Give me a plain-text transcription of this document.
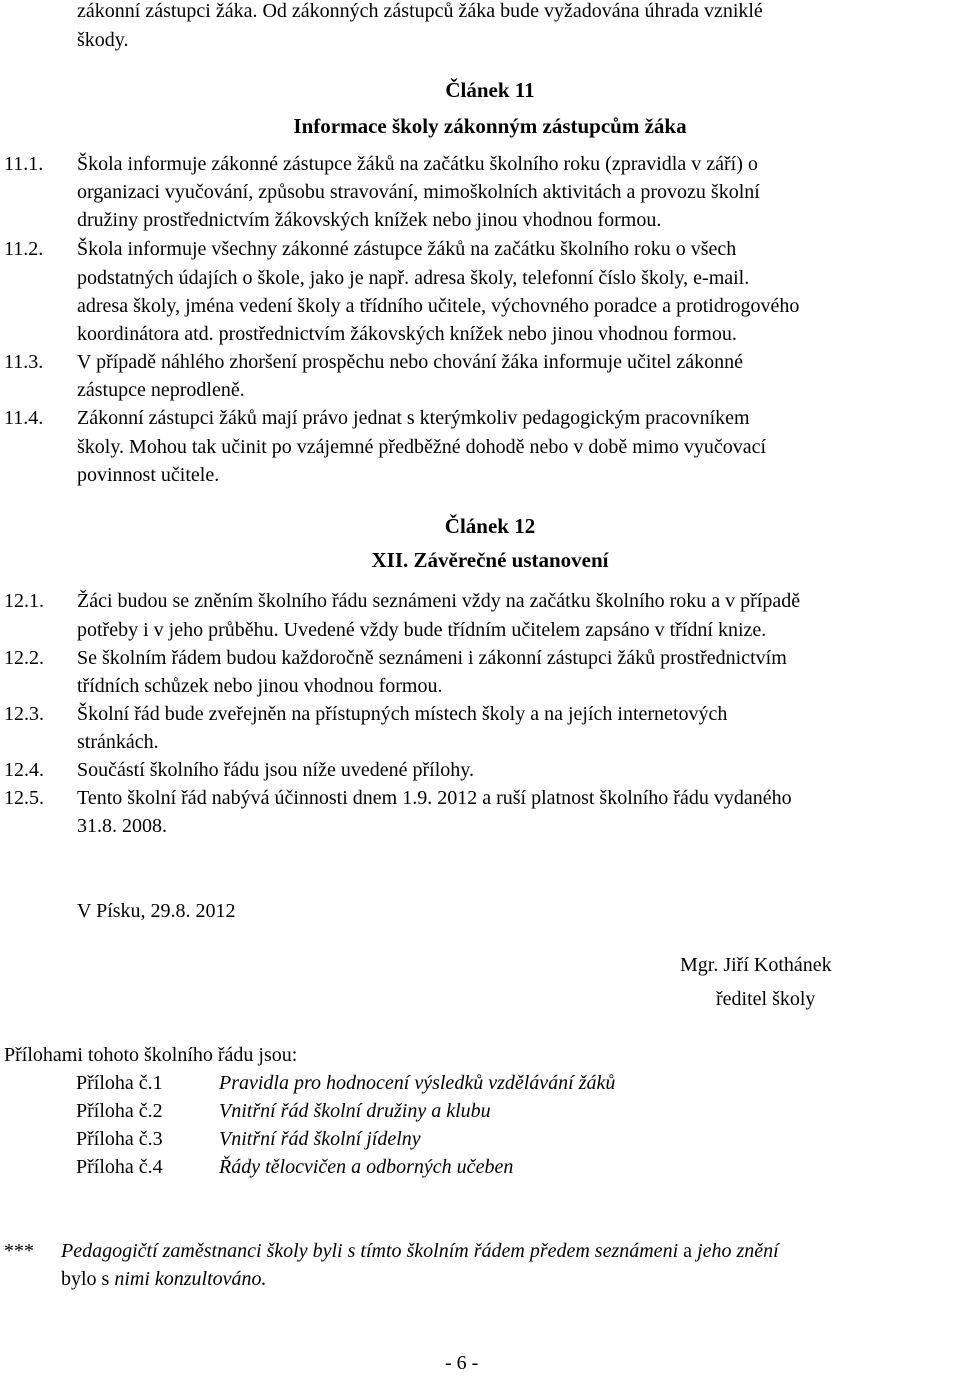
zákonní zástupci žáka. Od zákonných zástupců žáka bude vyžadována úhrada vzniklé
škody.
Článek 11
Informace školy zákonným zástupcům žáka
11.1. Škola informuje zákonné zástupce žáků na začátku školního roku (zpravidla v září) o
organizaci vyučování, způsobu stravování, mimoškolních aktivitách a provozu školní
družiny prostřednictvím žákovských knížek nebo jinou vhodnou formou.
11.2. Škola informuje všechny zákonné zástupce žáků na začátku školního roku o všech
podstatných údajích o škole, jako je např. adresa školy, telefonní číslo školy, e-mail.
adresa školy, jména vedení školy a třídního učitele, výchovného poradce a protidrogového
koordinátora atd. prostřednictvím žákovských knížek nebo jinou vhodnou formou.
11.3. V případě náhlého zhoršení prospěchu nebo chování žáka informuje učitel zákonné
zástupce neprodleně.
11.4. Zákonní zástupci žáků mají právo jednat s kterýmkoliv pedagogickým pracovníkem
školy. Mohou tak učinit po vzájemné předběžné dohodě nebo v době mimo vyučovací
povinnost učitele.
Článek 12
XII. Závěrečné ustanovení
12.1. Žáci budou se zněním školního řádu seznámeni vždy na začátku školního roku a v případě
potřeby i v jeho průběhu. Uvedené vždy bude třídním učitelem zapsáno v třídní knize.
12.2. Se školním řádem budou každoročně seznámeni i zákonní zástupci žáků prostřednictvím
třídních schůzek nebo jinou vhodnou formou.
12.3. Školní řád bude zveřejněn na přístupných místech školy a na jejích internetových
stránkách.
12.4. Součástí školního řádu jsou níže uvedené přílohy.
12.5. Tento školní řád nabývá účinnosti dnem 1.9. 2012 a ruší platnost školního řádu vydaného
31.8. 2008.
V Písku, 29.8. 2012
Mgr. Jiří Kothánek
ředitel školy
Přílohami tohoto školního řádu jsou:
Příloha č.1	Pravidla pro hodnocení výsledků vzdělávání žáků
Příloha č.2	Vnitřní řád školní družiny a klubu
Příloha č.3	Vnitřní řád školní jídelny
Příloha č.4	Řády tělocvičen a odborných učeben
*** Pedagogičtí zaměstnanci školy byli s tímto školním řádem předem seznámeni a jeho znění
bylo s nimi konzultováno.
- 6 -
